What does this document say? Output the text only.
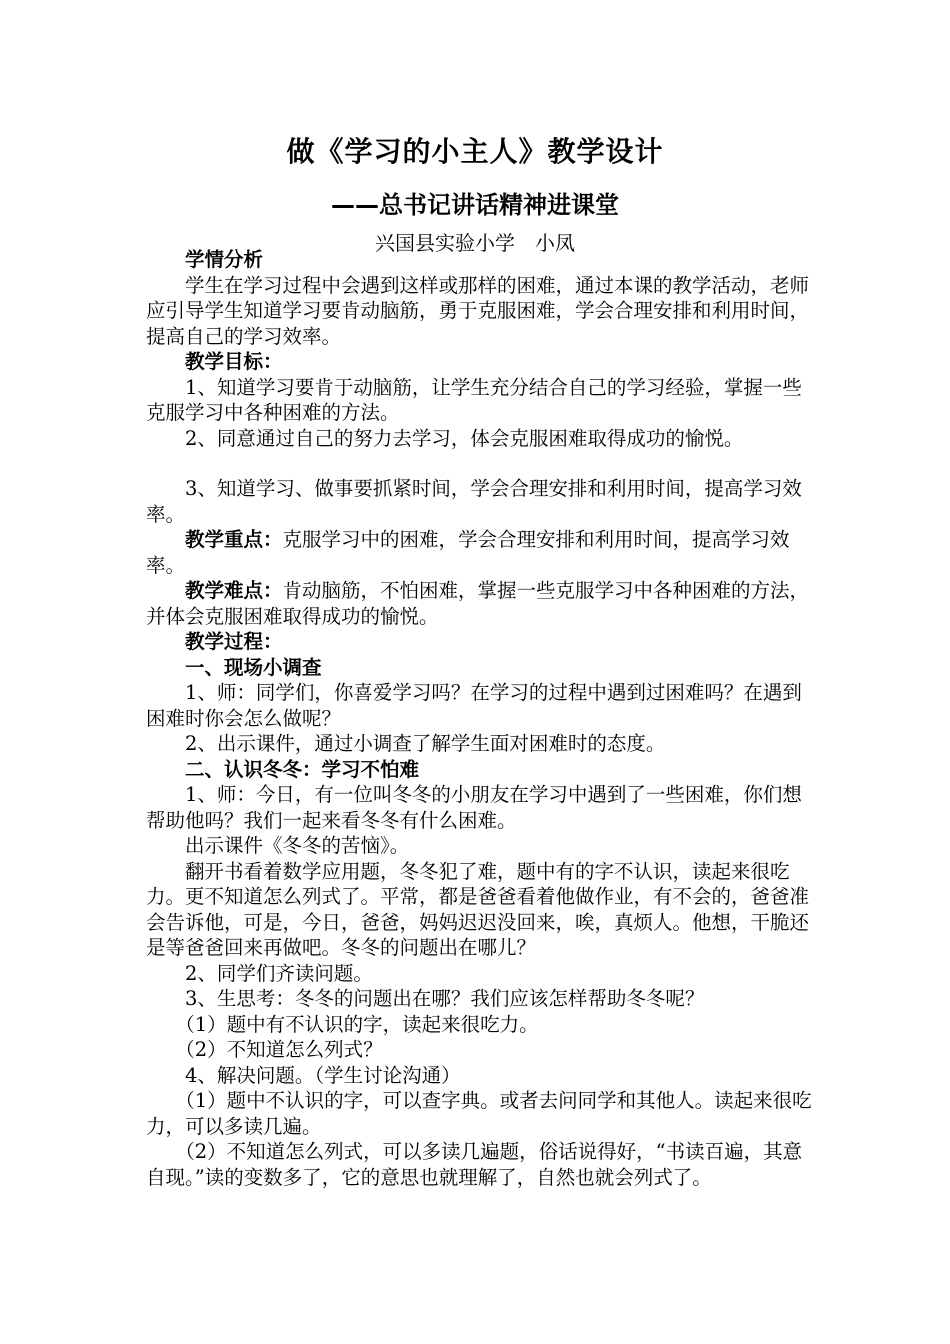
做《学习的小主人》教学设计
——总书记讲话精神进课堂
兴国县实验小学　小凤

学情分析

学生在学习过程中会遇到这样或那样的困难，通过本课的教学活动，老师应引导学生知道学习要肯动脑筋，勇于克服困难，学会合理安排和利用时间，提高自己的学习效率。

教学目标：

1、知道学习要肯于动脑筋，让学生充分结合自己的学习经验，掌握一些克服学习中各种困难的方法。

2、同意通过自己的努力去学习，体会克服困难取得成功的愉悦。

3、知道学习、做事要抓紧时间，学会合理安排和利用时间，提高学习效率。

教学重点：克服学习中的困难，学会合理安排和利用时间，提高学习效率。

教学难点：肯动脑筋，不怕困难，掌握一些克服学习中各种困难的方法，并体会克服困难取得成功的愉悦。

教学过程：

一、现场小调查

1、师：同学们，你喜爱学习吗？在学习的过程中遇到过困难吗？在遇到困难时你会怎么做呢？

2、出示课件，通过小调查了解学生面对困难时的态度。

二、认识冬冬：学习不怕难

1、师：今日，有一位叫冬冬的小朋友在学习中遇到了一些困难，你们想帮助他吗？我们一起来看冬冬有什么困难。

出示课件《冬冬的苦恼》。

翻开书看着数学应用题，冬冬犯了难，题中有的字不认识，读起来很吃力。更不知道怎么列式了。平常，都是爸爸看着他做作业，有不会的，爸爸准会告诉他，可是，今日，爸爸，妈妈迟迟没回来，唉，真烦人。他想，干脆还是等爸爸回来再做吧。冬冬的问题出在哪儿？

2、同学们齐读问题。

3、生思考：冬冬的问题出在哪？我们应该怎样帮助冬冬呢？

（1）题中有不认识的字，读起来很吃力。

（2）不知道怎么列式？

4、解决问题。（学生讨论沟通）

（1）题中不认识的字，可以查字典。或者去问同学和其他人。读起来很吃力，可以多读几遍。

（2）不知道怎么列式，可以多读几遍题，俗话说得好，“书读百遍，其意自现。”读的变数多了，它的意思也就理解了，自然也就会列式了。
